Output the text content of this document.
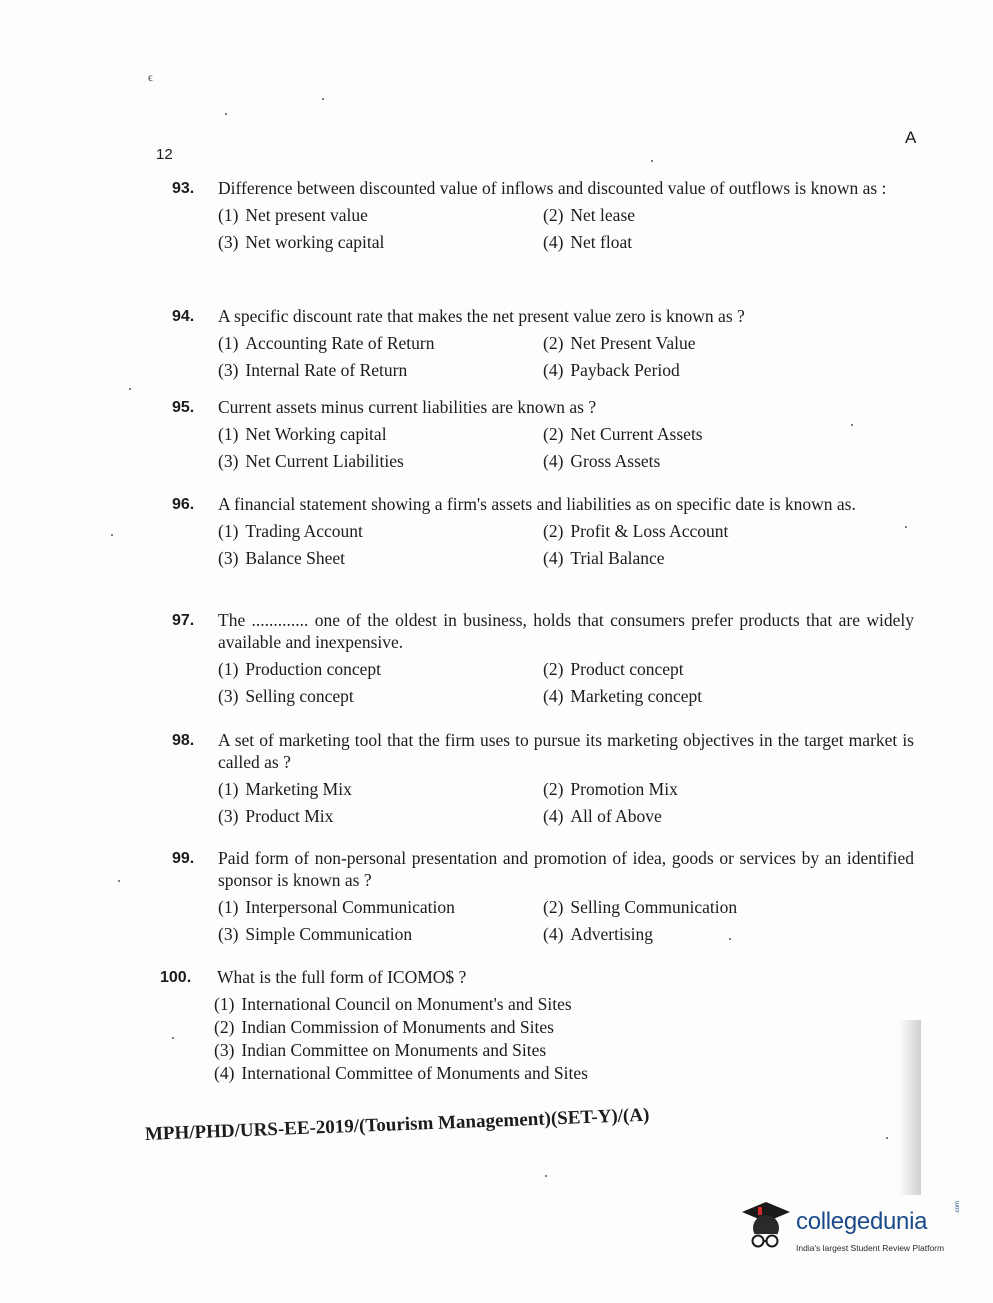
ϵ
12
A
93. Difference between discounted value of inflows and discounted value of outflows is known as :
(1) Net present value	(2) Net lease
(3) Net working capital	(4) Net float
94. A specific discount rate that makes the net present value zero is known as ?
(1) Accounting Rate of Return	(2) Net Present Value
(3) Internal Rate of Return	(4) Payback Period
95. Current assets minus current liabilities are known as ?
(1) Net Working capital	(2) Net Current Assets
(3) Net Current Liabilities	(4) Gross Assets
96. A financial statement showing a firm's assets and liabilities as on specific date is known as.
(1) Trading Account	(2) Profit & Loss Account
(3) Balance Sheet	(4) Trial Balance
97. The ............. one of the oldest in business, holds that consumers prefer products that are widely available and inexpensive.
(1) Production concept	(2) Product concept
(3) Selling concept	(4) Marketing concept
98. A set of marketing tool that the firm uses to pursue its marketing objectives in the target market is called as ?
(1) Marketing Mix	(2) Promotion Mix
(3) Product Mix	(4) All of Above
99. Paid form of non-personal presentation and promotion of idea, goods or services by an identified sponsor is known as ?
(1) Interpersonal Communication	(2) Selling Communication
(3) Simple Communication	(4) Advertising
100. What is the full form of ICOMO$ ?
(1) International Council on Monument's and Sites
(2) Indian Commission of Monuments and Sites
(3) Indian Committee on Monuments and Sites
(4) International Committee of Monuments and Sites
MPH/PHD/URS-EE-2019/(Tourism Management)(SET-Y)/(A)
collegedunia
.com
India's largest Student Review Platform
